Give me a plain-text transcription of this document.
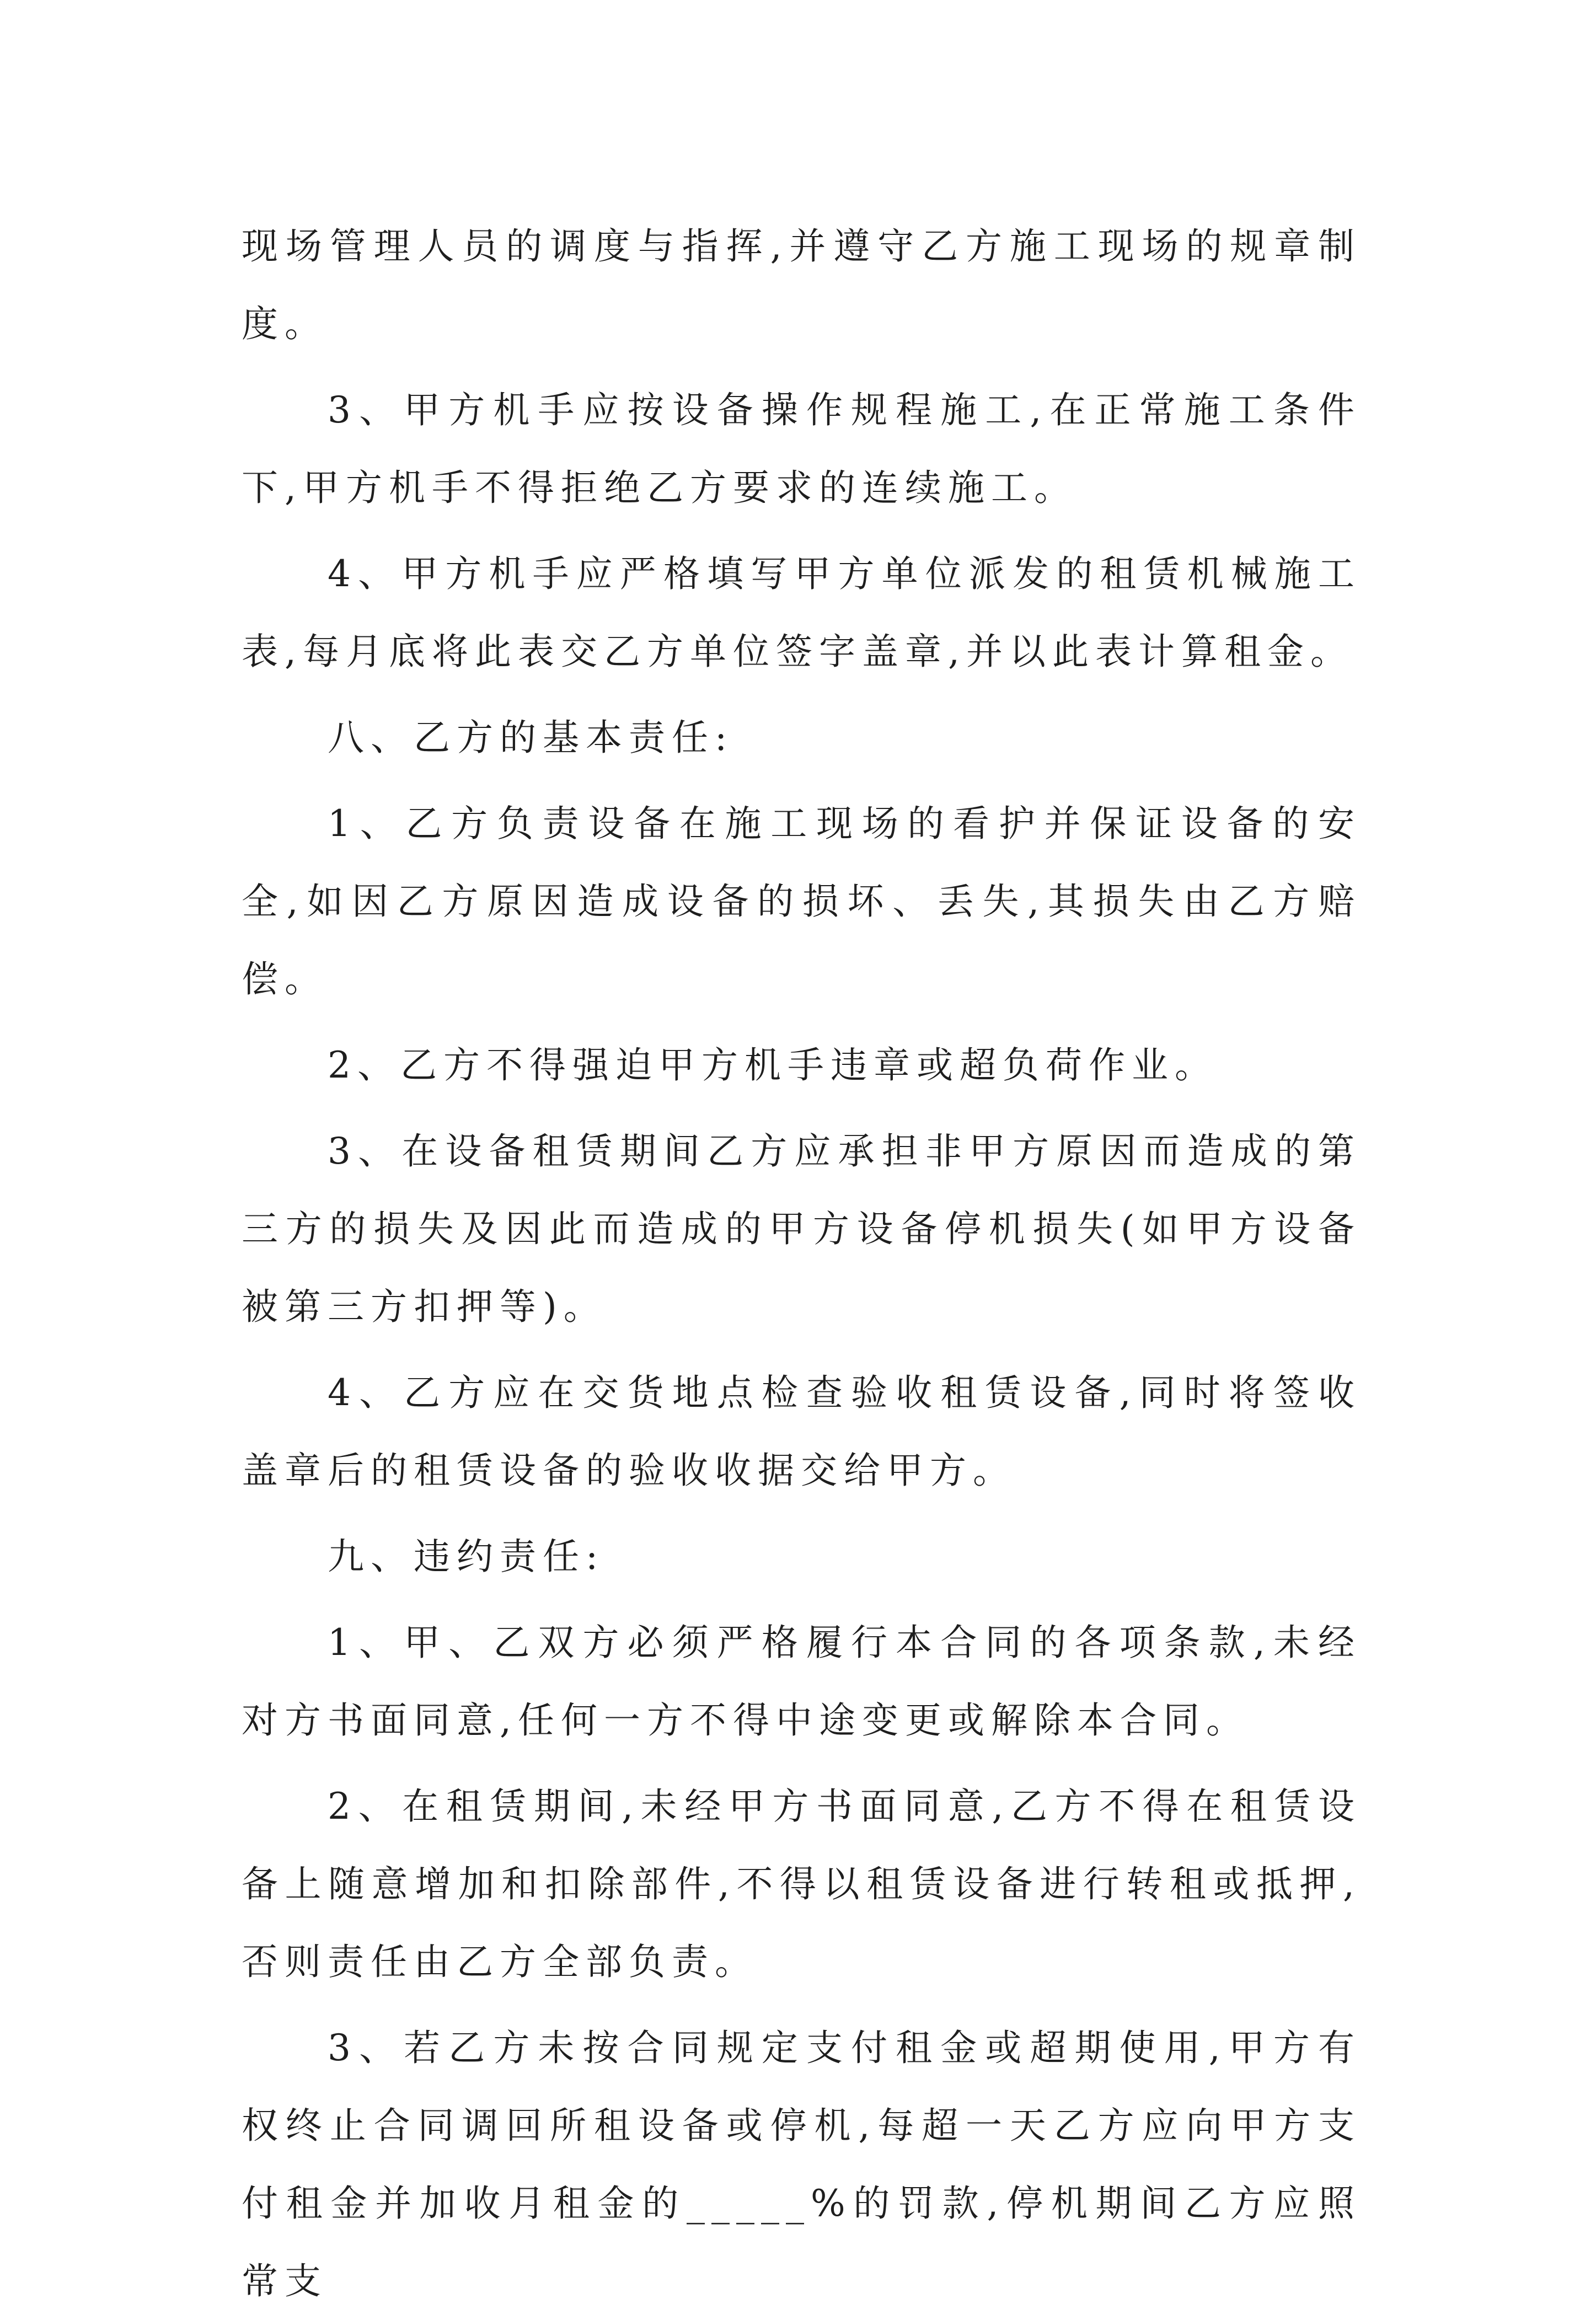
现场管理人员的调度与指挥,并遵守乙方施工现场的规章制度。

3、甲方机手应按设备操作规程施工,在正常施工条件下,甲方机手不得拒绝乙方要求的连续施工。

4、甲方机手应严格填写甲方单位派发的租赁机械施工表,每月底将此表交乙方单位签字盖章,并以此表计算租金。

八、乙方的基本责任:

1、乙方负责设备在施工现场的看护并保证设备的安全,如因乙方原因造成设备的损坏、丢失,其损失由乙方赔偿。

2、乙方不得强迫甲方机手违章或超负荷作业。

3、在设备租赁期间乙方应承担非甲方原因而造成的第三方的损失及因此而造成的甲方设备停机损失(如甲方设备被第三方扣押等)。

4、乙方应在交货地点检查验收租赁设备,同时将签收盖章后的租赁设备的验收收据交给甲方。

九、违约责任:

1、甲、乙双方必须严格履行本合同的各项条款,未经对方书面同意,任何一方不得中途变更或解除本合同。

2、在租赁期间,未经甲方书面同意,乙方不得在租赁设备上随意增加和扣除部件,不得以租赁设备进行转租或抵押,否则责任由乙方全部负责。

3、若乙方未按合同规定支付租金或超期使用,甲方有权终止合同调回所租设备或停机,每超一天乙方应向甲方支付租金并加收月租金的_____%的罚款,停机期间乙方应照常支
